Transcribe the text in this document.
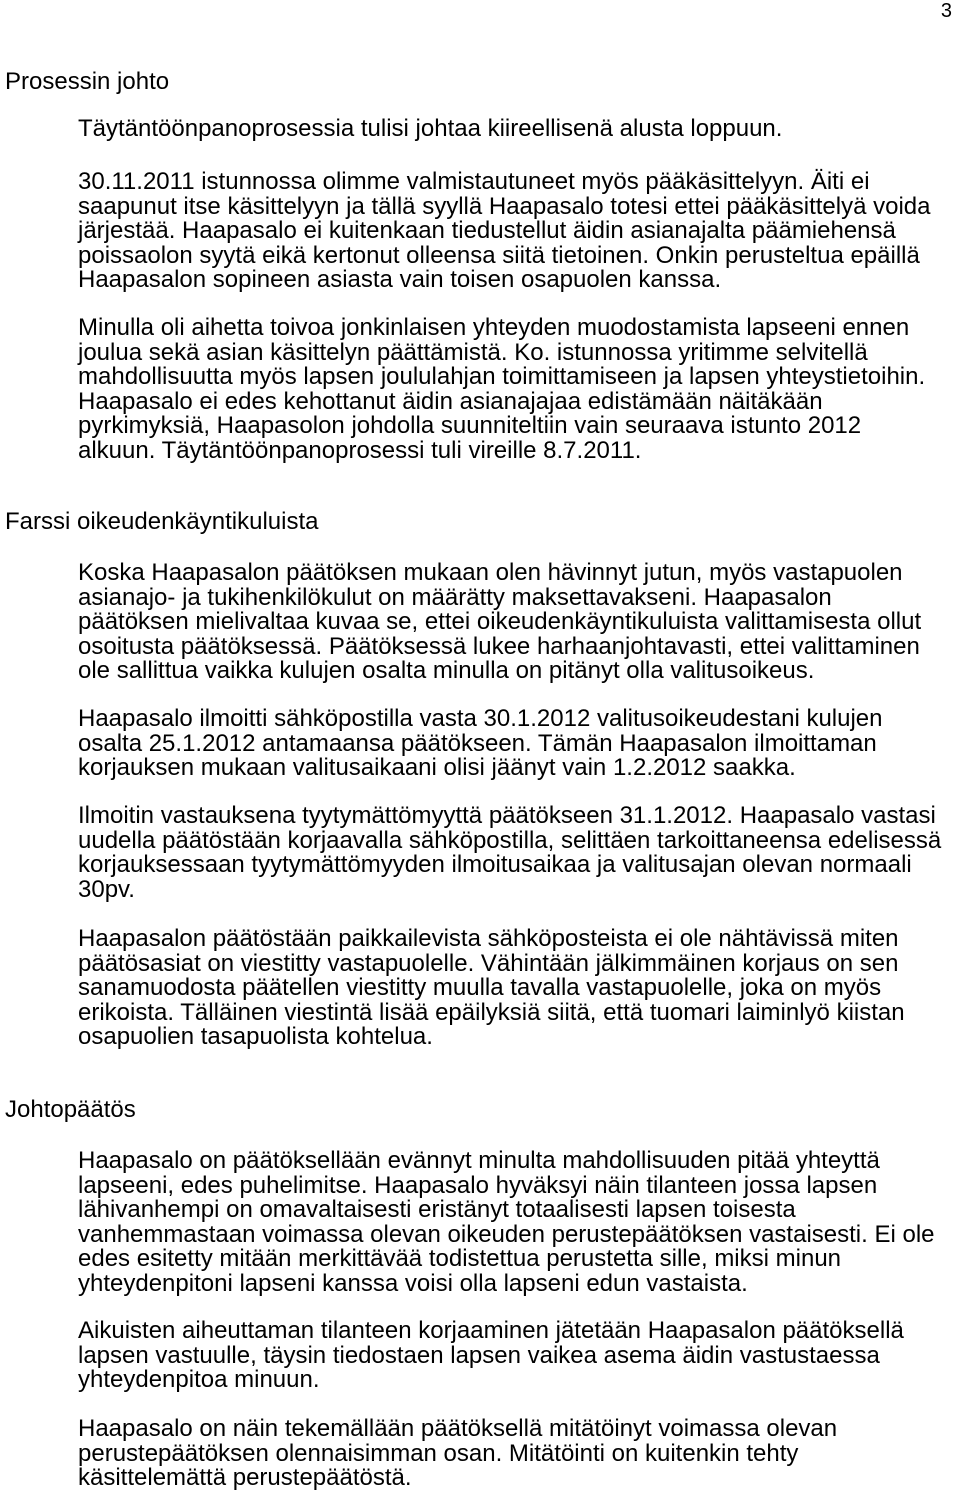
3
Prosessin johto
Täytäntöönpanoprosessia tulisi johtaa kiireellisenä alusta loppuun.
30.11.2011 istunnossa olimme valmistautuneet myös pääkäsittelyyn. Äiti ei
saapunut itse käsittelyyn ja tällä syyllä Haapasalo totesi ettei pääkäsittelyä voida
järjestää. Haapasalo ei kuitenkaan tiedustellut äidin asianajalta päämiehensä
poissaolon syytä eikä kertonut olleensa siitä tietoinen. Onkin perusteltua epäillä
Haapasalon sopineen asiasta vain toisen osapuolen kanssa.
Minulla oli aihetta toivoa jonkinlaisen yhteyden muodostamista lapseeni ennen
joulua sekä asian käsittelyn päättämistä. Ko. istunnossa yritimme selvitellä
mahdollisuutta myös lapsen joululahjan toimittamiseen ja lapsen yhteystietoihin.
Haapasalo ei edes kehottanut äidin asianajajaa edistämään näitäkään
pyrkimyksiä, Haapasolon johdolla suunniteltiin vain seuraava istunto 2012
alkuun. Täytäntöönpanoprosessi tuli vireille 8.7.2011.
Farssi oikeudenkäyntikuluista
Koska Haapasalon päätöksen mukaan olen hävinnyt jutun, myös vastapuolen
asianajo- ja tukihenkilökulut on määrätty maksettavakseni. Haapasalon
päätöksen mielivaltaa kuvaa se, ettei oikeudenkäyntikuluista valittamisesta ollut
osoitusta päätöksessä. Päätöksessä lukee harhaanjohtavasti, ettei valittaminen
ole sallittua vaikka kulujen osalta minulla on pitänyt olla valitusoikeus.
Haapasalo ilmoitti sähköpostilla vasta 30.1.2012 valitusoikeudestani kulujen
osalta 25.1.2012 antamaansa päätökseen. Tämän Haapasalon ilmoittaman
korjauksen mukaan valitusaikaani olisi jäänyt vain 1.2.2012 saakka.
Ilmoitin vastauksena tyytymättömyyttä päätökseen 31.1.2012. Haapasalo vastasi
uudella päätöstään korjaavalla sähköpostilla, selittäen tarkoittaneensa edelisessä
korjauksessaan tyytymättömyyden ilmoitusaikaa ja valitusajan olevan normaali
30pv.
Haapasalon päätöstään paikkailevista sähköposteista ei ole nähtävissä miten
päätösasiat on viestitty vastapuolelle. Vähintään jälkimmäinen korjaus on sen
sanamuodosta päätellen viestitty muulla tavalla vastapuolelle, joka on myös
erikoista. Tälläinen viestintä lisää epäilyksiä siitä, että tuomari laiminlyö kiistan
osapuolien tasapuolista kohtelua.
Johtopäätös
Haapasalo on päätöksellään evännyt minulta mahdollisuuden pitää yhteyttä
lapseeni, edes puhelimitse. Haapasalo hyväksyi näin tilanteen jossa lapsen
lähivanhempi on omavaltaisesti eristänyt totaalisesti lapsen toisesta
vanhemmastaan voimassa olevan oikeuden perustepäätöksen vastaisesti. Ei ole
edes esitetty mitään merkittävää todistettua perustetta sille, miksi minun
yhteydenpitoni lapseni kanssa voisi olla lapseni edun vastaista.
Aikuisten aiheuttaman tilanteen korjaaminen jätetään Haapasalon päätöksellä
lapsen vastuulle, täysin tiedostaen lapsen vaikea asema äidin vastustaessa
yhteydenpitoa minuun.
Haapasalo on näin tekemällään päätöksellä mitätöinyt voimassa olevan
perustepäätöksen olennaisimman osan. Mitätöinti on kuitenkin tehty
käsittelemättä perustepäätöstä.
